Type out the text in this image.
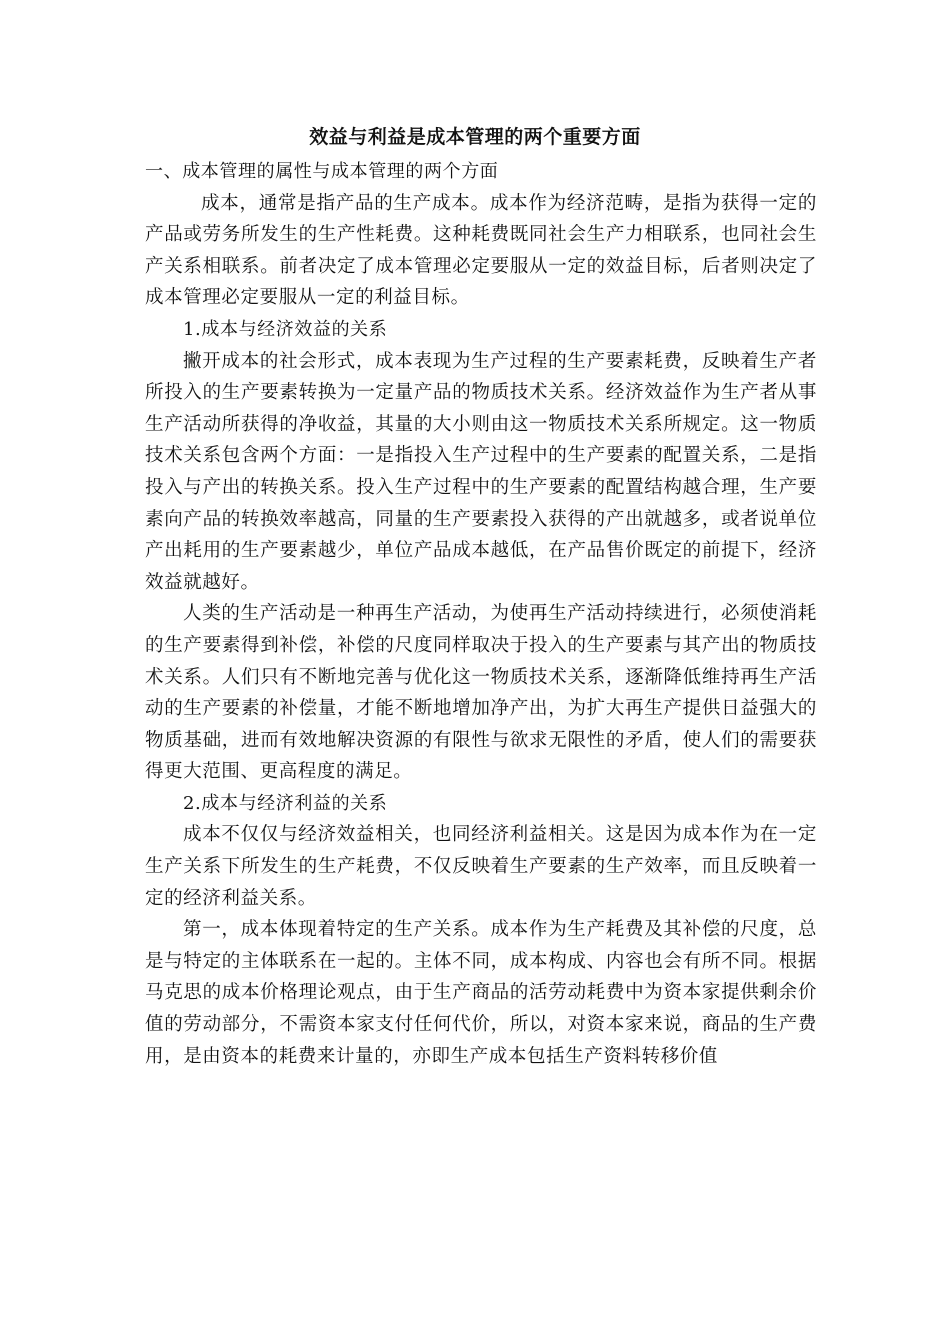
效益与利益是成本管理的两个重要方面

一、成本管理的属性与成本管理的两个方面

成本，通常是指产品的生产成本。成本作为经济范畴，是指为获得一定的产品或劳务所发生的生产性耗费。这种耗费既同社会生产力相联系，也同社会生产关系相联系。前者决定了成本管理必定要服从一定的效益目标，后者则决定了成本管理必定要服从一定的利益目标。

1.成本与经济效益的关系

撇开成本的社会形式，成本表现为生产过程的生产要素耗费，反映着生产者所投入的生产要素转换为一定量产品的物质技术关系。经济效益作为生产者从事生产活动所获得的净收益，其量的大小则由这一物质技术关系所规定。这一物质技术关系包含两个方面：一是指投入生产过程中的生产要素的配置关系，二是指投入与产出的转换关系。投入生产过程中的生产要素的配置结构越合理，生产要素向产品的转换效率越高，同量的生产要素投入获得的产出就越多，或者说单位产出耗用的生产要素越少，单位产品成本越低，在产品售价既定的前提下，经济效益就越好。

人类的生产活动是一种再生产活动，为使再生产活动持续进行，必须使消耗的生产要素得到补偿，补偿的尺度同样取决于投入的生产要素与其产出的物质技术关系。人们只有不断地完善与优化这一物质技术关系，逐渐降低维持再生产活动的生产要素的补偿量，才能不断地增加净产出，为扩大再生产提供日益强大的物质基础，进而有效地解决资源的有限性与欲求无限性的矛盾，使人们的需要获得更大范围、更高程度的满足。

2.成本与经济利益的关系

成本不仅仅与经济效益相关，也同经济利益相关。这是因为成本作为在一定生产关系下所发生的生产耗费，不仅反映着生产要素的生产效率，而且反映着一定的经济利益关系。

第一，成本体现着特定的生产关系。成本作为生产耗费及其补偿的尺度，总是与特定的主体联系在一起的。主体不同，成本构成、内容也会有所不同。根据马克思的成本价格理论观点，由于生产商品的活劳动耗费中为资本家提供剩余价值的劳动部分，不需资本家支付任何代价，所以，对资本家来说，商品的生产费用，是由资本的耗费来计量的，亦即生产成本包括生产资料转移价值
